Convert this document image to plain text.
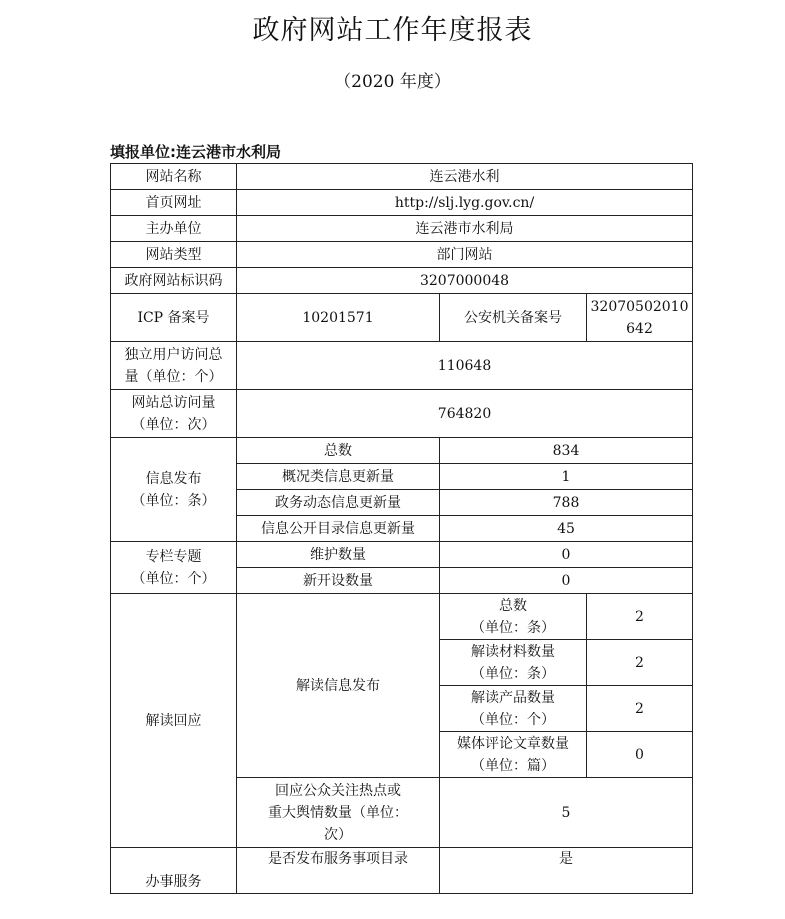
政府网站工作年度报表
（2020 年度）
填报单位:连云港市水利局
网站名称	连云港水利		
首页网址	http://slj.lyg.gov.cn/		
主办单位	连云港市水利局		
网站类型	部门网站		
政府网站标识码	3207000048		
ICP 备案号	10201571	公安机关备案号	32070502010
642

独立用户访问总
量（单位：个）	110648		

网站总访问量
（单位：次）	764820		

信息发布
（单位：条）	总数	834	
	概况类信息更新量	1	
	政务动态信息更新量	788	
	信息公开目录信息更新量	45	

专栏专题
（单位：个）	维护数量	0	
	新开设数量	0	
解读回应	解读信息发布	总数
（单位：条）	2

		解读材料数量
（单位：条）	2

		解读产品数量
（单位：个）	2

		媒体评论文章数量
（单位：篇）	0

	回应公众关注热点或
重大舆情数量（单位：
次）	5	
办事服务	是否发布服务事项目录	是	
